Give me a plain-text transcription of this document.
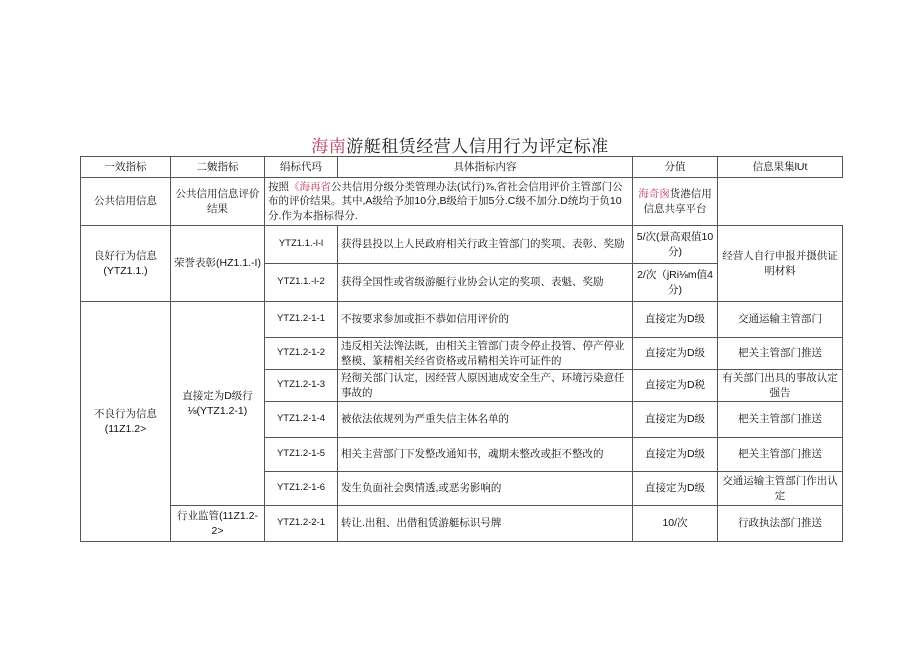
海南游艇租赁经营人信用行为评定标准
一效指标	二皴指标	绢标代玛	具体指标内容	分值	信息果集lUt
公共信用信息	公共信用信息评价结果	按照《海再省公共信用分级分类管理办法(试行)⅞,省社会信用评价主管部门公布的评价结果。其中,A级给予加10分,B级给于加5分.C级不加分.D统均于负10分.作为本指标得分.		海奇囪货港信用信息共享平台	
良好行为信息(YTZ1.1.)	荣誉表彰(HZ1.1.-I)	YTZ1.1.-l-l	获得县投以上人民政府相关行政主管部门的奖项、表彰、奖励	5/次(景高艰值10分)	经营人自行申报并摄供证明材料
		YTZ1.1.-l-2	获得全国性或省级游艇行业协会认定的奖项、表魁、奖励	2/次（jRi⅛m值4分)	
不良行为信息(11Z1.2>	直接定为D级行⅛(YTZ1.2-1)	YTZ1.2-1-1	不按要求参加或拒不恭如信用评价的	直接定为D级	交通运输主管部门
		YTZ1.2-1-2	违反相关法馋法既，由相关主管部门责令停止投管、停产停业整模、篆精相关经省资格或吊精相关许可证件的	直接定为D级	杷关主管部门推送
		YTZ1.2-1-3	羟彻关部门认定，因经营人原因迪成安全生产、环境污染意任事故的	直接定为D税	有关部门出具的事故认定强告
		YTZ1.2-1-4	被依法依规列为严重失信主体名单的	直接定为D级	杷关主管部门推送
		YTZ1.2-1-5	相关主营部门下发整改通知书，魂期未整改或拒不整改的	直接定为D级	杷关主管部门推送
		YTZ1.2-1-6	发生负面社会舆情透,或恶劣影响的	直接定为D级	交通运输主管部门作出认定
	行业监管(11Z1.2-2>	YTZ1.2-2-1	转让.出租、出借租赁游艇标识号牌	10/次	行政执法部门推送
